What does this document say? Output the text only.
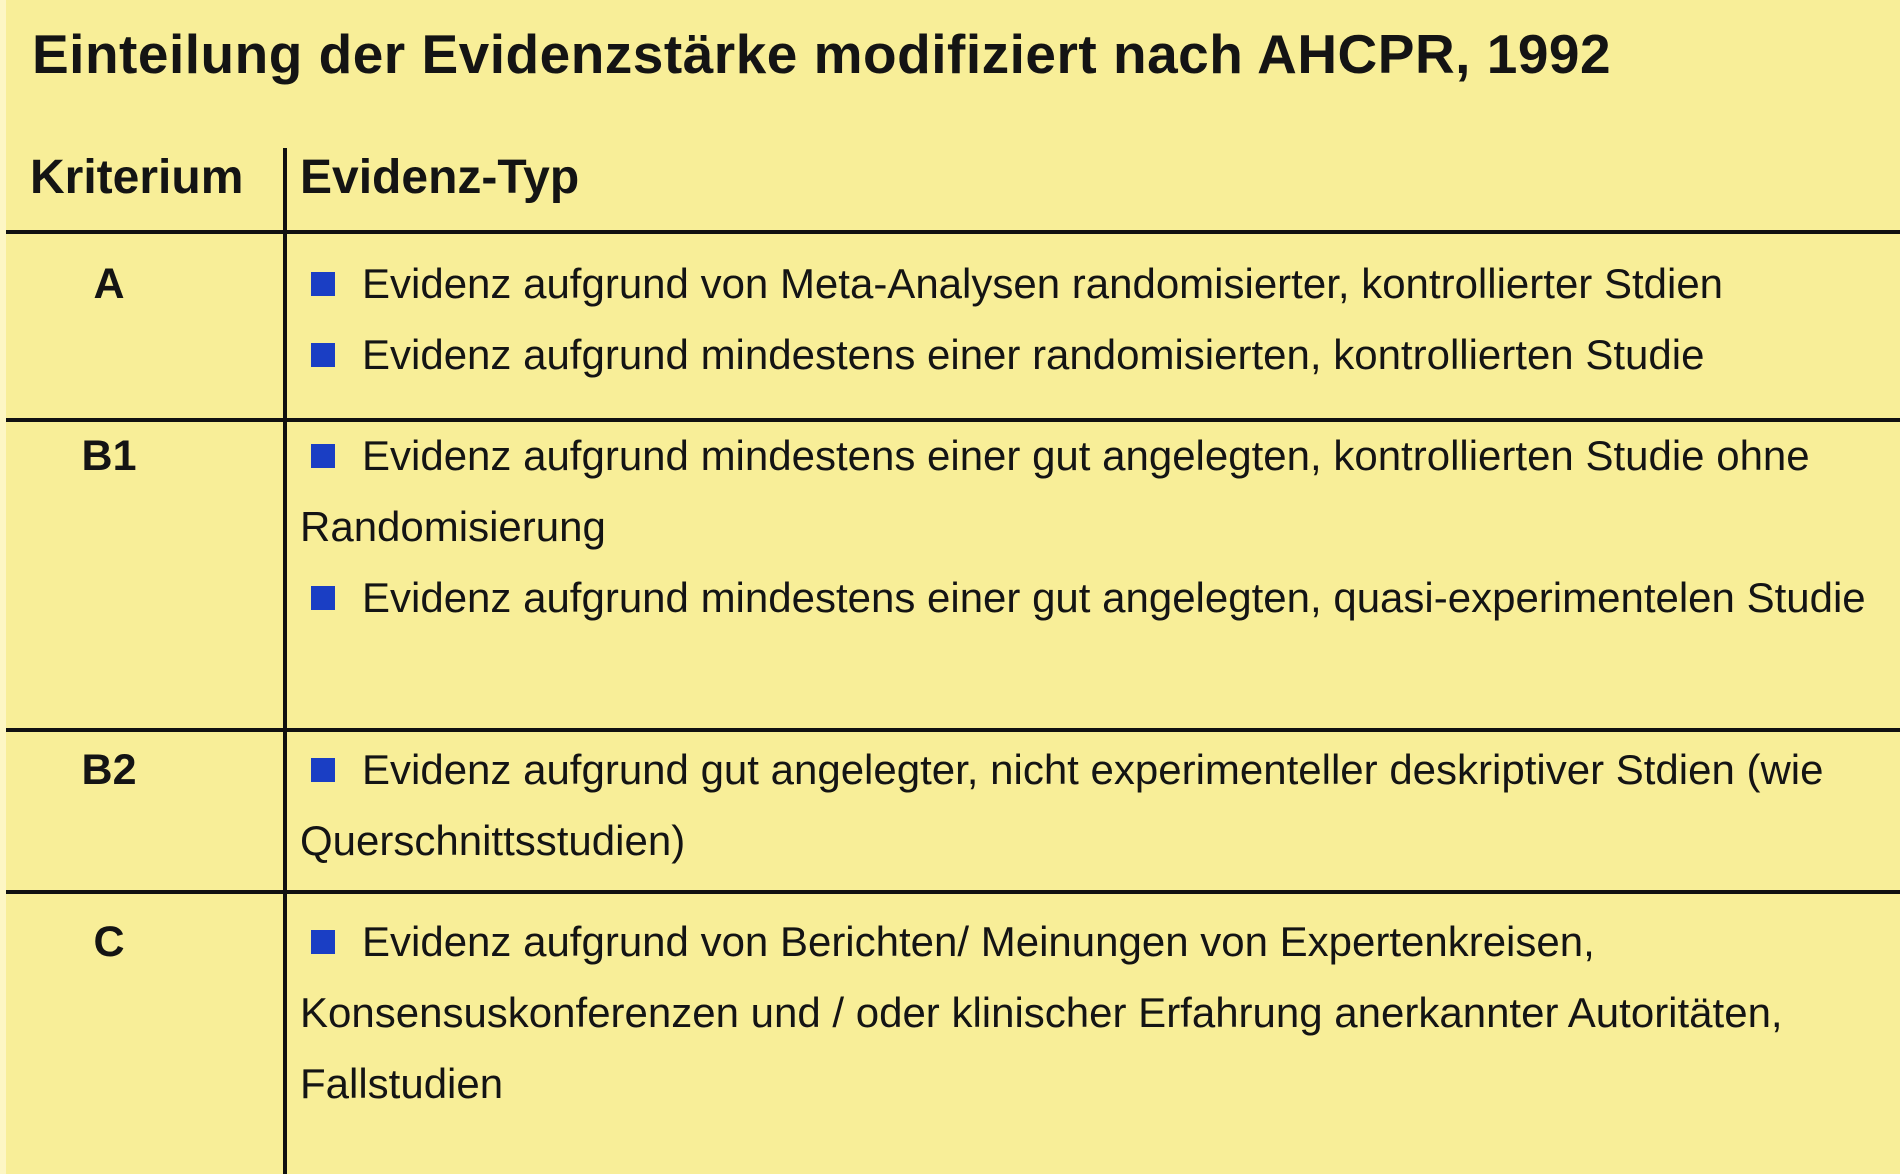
Einteilung der Evidenzstärke modifiziert nach AHCPR, 1992
Kriterium Evidenz-Typ
A	Evidenz aufgrund von Meta-Analysen randomisierter, kontrollierter Stdien
Evidenz aufgrund mindestens einer randomisierten, kontrollierten Studie
B1	Evidenz aufgrund mindestens einer gut angelegten, kontrollierten Studie ohne Randomisierung
Evidenz aufgrund mindestens einer gut angelegten, quasi-experimentelen Studie
B2	Evidenz aufgrund gut angelegter, nicht experimenteller deskriptiver Stdien (wie Querschnittsstudien)
C	Evidenz aufgrund von Berichten/ Meinungen von Expertenkreisen, Konsensuskonferenzen und / oder klinischer Erfahrung anerkannter Autoritäten, Fallstudien
